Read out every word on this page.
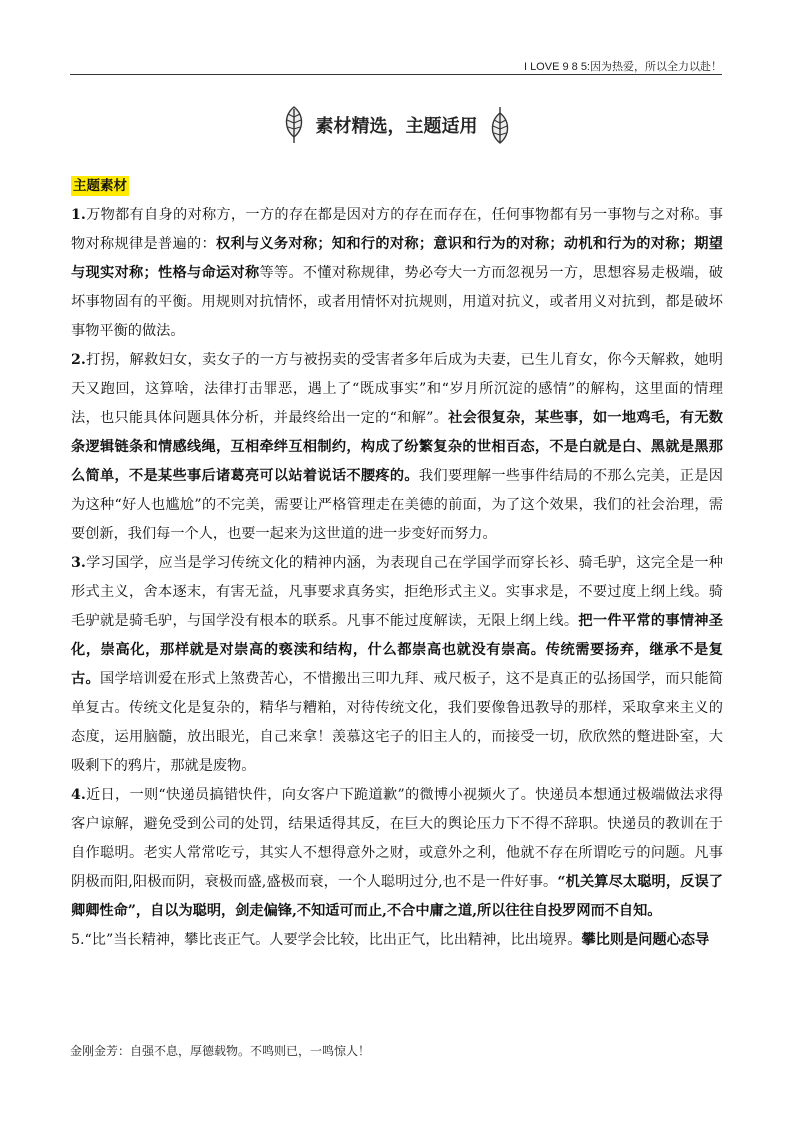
I LOVE 9 8 5:因为热爱，所以全力以赴！
素材精选，主题适用
主题素材

1.万物都有自身的对称方，一方的存在都是因对方的存在而存在，任何事物都有另一事物与之对称。事物对称规律是普遍的：权利与义务对称；知和行的对称；意识和行为的对称；动机和行为的对称；期望与现实对称；性格与命运对称等等。不懂对称规律，势必夸大一方而忽视另一方，思想容易走极端，破坏事物固有的平衡。用规则对抗情怀，或者用情怀对抗规则，用道对抗义，或者用义对抗到，都是破坏事物平衡的做法。

2.打拐，解救妇女，卖女子的一方与被拐卖的受害者多年后成为夫妻，已生儿育女，你今天解救，她明天又跑回，这算啥，法律打击罪恶，遇上了“既成事实”和“岁月所沉淀的感情”的解构，这里面的情理法，也只能具体问题具体分析，并最终给出一定的“和解”。社会很复杂，某些事，如一地鸡毛，有无数条逻辑链条和情感线绳，互相牵绊互相制约，构成了纷繁复杂的世相百态，不是白就是白、黑就是黑那么简单，不是某些事后诸葛亮可以站着说话不腰疼的。我们要理解一些事件结局的不那么完美，正是因为这种“好人也尴尬”的不完美，需要让严格管理走在美德的前面，为了这个效果，我们的社会治理，需要创新，我们每一个人，也要一起来为这世道的进一步变好而努力。

3.学习国学，应当是学习传统文化的精神内涵，为表现自己在学国学而穿长衫、骑毛驴，这完全是一种形式主义，舍本逐末，有害无益，凡事要求真务实，拒绝形式主义。实事求是，不要过度上纲上线。骑毛驴就是骑毛驴，与国学没有根本的联系。凡事不能过度解读，无限上纲上线。把一件平常的事情神圣化，崇高化，那样就是对崇高的亵渎和结构，什么都崇高也就没有崇高。传统需要扬弃，继承不是复古。国学培训爱在形式上煞费苦心，不惜搬出三叩九拜、戒尺板子，这不是真正的弘扬国学，而只能简单复古。传统文化是复杂的，精华与糟粕，对待传统文化，我们要像鲁迅教导的那样，采取拿来主义的态度，运用脑髓，放出眼光，自己来拿！羡慕这宅子的旧主人的，而接受一切，欣欣然的蹩进卧室，大吸剩下的鸦片，那就是废物。

4.近日，一则“快递员搞错快件，向女客户下跪道歉”的微博小视频火了。快递员本想通过极端做法求得客户谅解，避免受到公司的处罚，结果适得其反，在巨大的舆论压力下不得不辞职。快递员的教训在于自作聪明。老实人常常吃亏，其实人不想得意外之财，或意外之利，他就不存在所谓吃亏的问题。凡事阴极而阳,阳极而阴，衰极而盛,盛极而衰，一个人聪明过分,也不是一件好事。“机关算尽太聪明，反误了卿卿性命”，自以为聪明，剑走偏锋,不知适可而止,不合中庸之道,所以往往自投罗网而不自知。

5.“比”当长精神，攀比丧正气。人要学会比较，比出正气，比出精神，比出境界。攀比则是问题心态导

金刚金芳：自强不息，厚德载物。不鸣则已，一鸣惊人！
